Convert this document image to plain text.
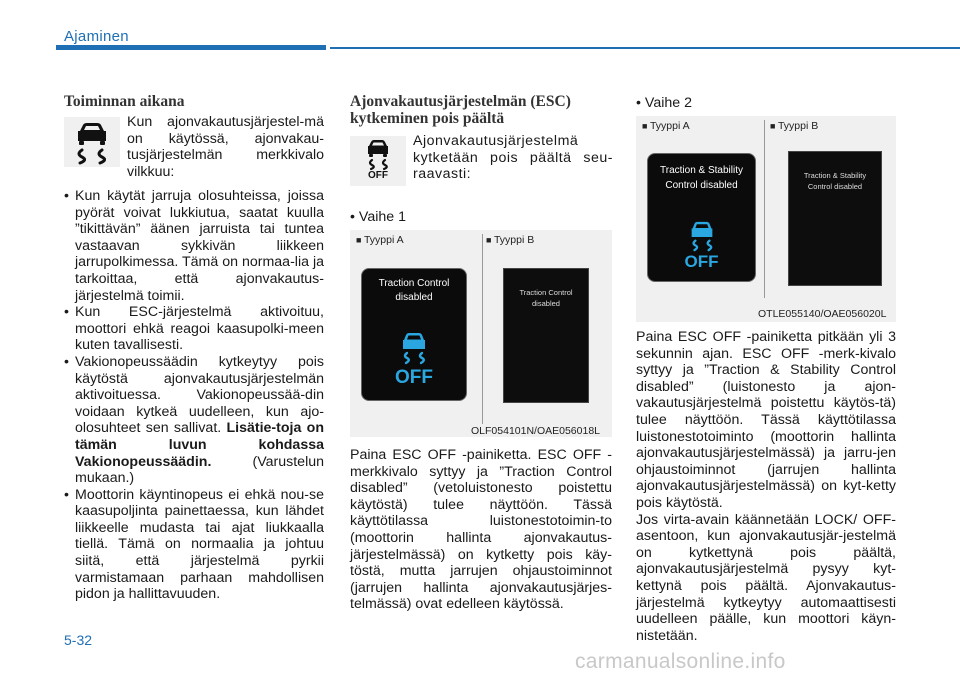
Ajaminen
Toiminnan aikana
Kun ajonvakautusjärjestel-mä on käytössä, ajonvakau-tusjärjestelmän merkkivalo vilkkuu:
• Kun käytät jarruja olosuhteissa, joissa pyörät voivat lukkiutua, saatat kuulla ”tikittävän” äänen jarruista tai tuntea vastaavan sykkivän liikkeen jarrupolkimessa. Tämä on normaa-lia ja tarkoittaa, että ajonvakautus-järjestelmä toimii.
• Kun ESC-järjestelmä aktivoituu, moottori ehkä reagoi kaasupolki-meen kuten tavallisesti.
• Vakionopeussäädin kytkeytyy pois käytöstä ajonvakautusjärjestelmän aktivoituessa. Vakionopeussää-din voidaan kytkeä uudelleen, kun ajo-olosuhteet sen sallivat. Lisätie-toja on tämän luvun kohdassa Vakionopeussäädin.	(Varustelun mukaan.)
• Moottorin käyntinopeus ei ehkä nou-se kaasupoljinta painettaessa, kun lähdet liikkeelle mudasta tai ajat liukkaalla tiellä. Tämä on normaalia ja johtuu siitä, että järjestelmä pyrkii varmistamaan parhaan mahdollisen pidon ja hallittavuuden.
Ajonvakautusjärjestelmän (ESC) kytkeminen pois päältä
OFF
Ajonvakautusjärjestelmä kytketään pois päältä seu-raavasti:
• Vaihe 1
■ Tyyppi A	■ Tyyppi B
Traction Control disabled
OFF
Traction Control disabled
OLF054101N/OAE056018L
Paina ESC OFF -painiketta. ESC OFF -merkkivalo syttyy ja ”Traction Control disabled” (vetoluistonesto poistettu käytöstä) tulee näyttöön. Tässä käyttötilassa luistonestotoimin-to (moottorin hallinta ajonvakautus-järjestelmässä) on kytketty pois käy-töstä, mutta jarrujen ohjaustoiminnot (jarrujen hallinta ajonvakautusjärjes-telmässä) ovat edelleen käytössä.
• Vaihe 2
■ Tyyppi A	■ Tyyppi B
Traction & Stability Control disabled
OFF
Traction & Stability Control disabled
OTLE055140/OAE056020L
Paina ESC OFF -painiketta pitkään yli 3 sekunnin ajan. ESC OFF -merk-kivalo syttyy ja ”Traction & Stability Control disabled” (luistonesto ja ajon-vakautusjärjestelmä poistettu käytös-tä) tulee näyttöön. Tässä käyttötilassa luistonestotoiminto (moottorin hallinta ajonvakautusjärjestelmässä) ja jarru-jen ohjaustoiminnot (jarrujen hallinta ajonvakautusjärjestelmässä) on kyt-ketty pois käytöstä.
Jos virta-avain käännetään LOCK/ OFF-asentoon, kun ajonvakautusjär-jestelmä on kytkettynä pois päältä, ajonvakautusjärjestelmä pysyy kyt-kettynä pois päältä. Ajonvakautus-järjestelmä kytkeytyy automaattisesti uudelleen päälle, kun moottori käyn-nistetään.
5-32
carmanualsonline.info
